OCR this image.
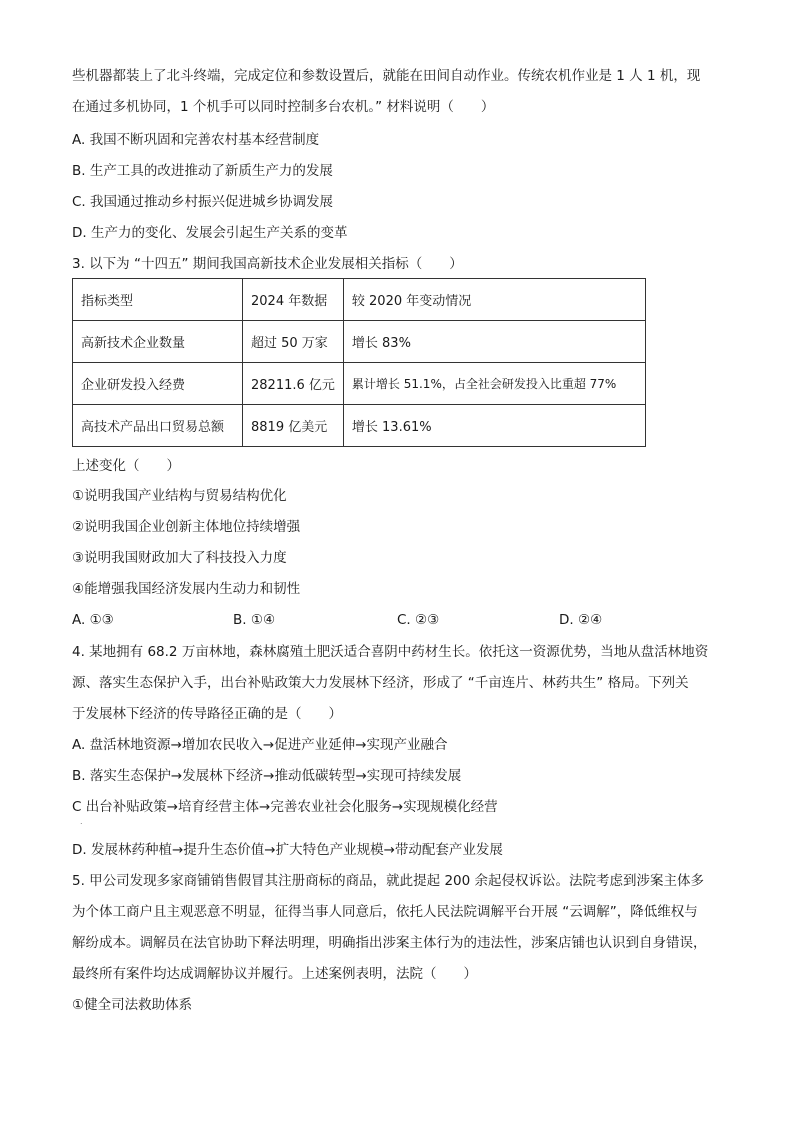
些机器都装上了北斗终端，完成定位和参数设置后，就能在田间自动作业。传统农机作业是 1 人 1 机，现

在通过多机协同，1 个机手可以同时控制多台农机。” 材料说明（　　）

A. 我国不断巩固和完善农村基本经营制度

B. 生产工具的改进推动了新质生产力的发展

C. 我国通过推动乡村振兴促进城乡协调发展

D. 生产力的变化、发展会引起生产关系的变革

3. 以下为 “十四五” 期间我国高新技术企业发展相关指标（　　）

指标类型	2024 年数据	较 2020 年变动情况
高新技术企业数量	超过 50 万家	增长 83%
企业研发投入经费	28211.6 亿元	累计增长 51.1%，占全社会研发投入比重超 77%
高技术产品出口贸易总额	8819 亿美元	增长 13.61%

上述变化（　　）

①说明我国产业结构与贸易结构优化

②说明我国企业创新主体地位持续增强

③说明我国财政加大了科技投入力度

④能增强我国经济发展内生动力和韧性

A. ①③	B. ①④	C. ②③	D. ②④

4. 某地拥有 68.2 万亩林地，森林腐殖土肥沃适合喜阴中药材生长。依托这一资源优势，当地从盘活林地资

源、落实生态保护入手，出台补贴政策大力发展林下经济，形成了 “千亩连片、林药共生” 格局。下列关

于发展林下经济的传导路径正确的是（　　）

A. 盘活林地资源→增加农民收入→促进产业延伸→实现产业融合

B. 落实生态保护→发展林下经济→推动低碳转型→实现可持续发展

C 出台补贴政策→培育经营主体→完善农业社会化服务→实现规模化经营

.

D. 发展林药种植→提升生态价值→扩大特色产业规模→带动配套产业发展

5. 甲公司发现多家商铺销售假冒其注册商标的商品，就此提起 200 余起侵权诉讼。法院考虑到涉案主体多

为个体工商户且主观恶意不明显，征得当事人同意后，依托人民法院调解平台开展 “云调解”，降低维权与

解纷成本。调解员在法官协助下释法明理，明确指出涉案主体行为的违法性，涉案店铺也认识到自身错误，

最终所有案件均达成调解协议并履行。上述案例表明，法院（　　）

①健全司法救助体系
